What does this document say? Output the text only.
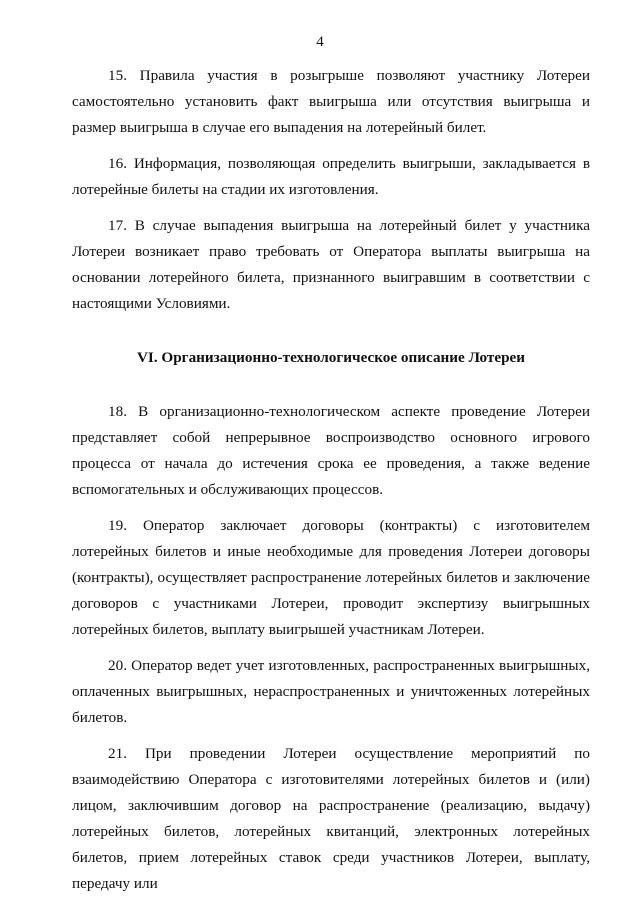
4

15. Правила участия в розыгрыше позволяют участнику Лотереи самостоятельно установить факт выигрыша или отсутствия выигрыша и размер выигрыша в случае его выпадения на лотерейный билет.

16. Информация, позволяющая определить выигрыши, закладывается в лотерейные билеты на стадии их изготовления.

17. В случае выпадения выигрыша на лотерейный билет у участника Лотереи возникает право требовать от Оператора выплаты выигрыша на основании лотерейного билета, признанного выигравшим в соответствии с настоящими Условиями.

VI. Организационно-технологическое описание Лотереи

18. В организационно-технологическом аспекте проведение Лотереи представляет собой непрерывное воспроизводство основного игрового процесса от начала до истечения срока ее проведения, а также ведение вспомогательных и обслуживающих процессов.

19. Оператор заключает договоры (контракты) с изготовителем лотерейных билетов и иные необходимые для проведения Лотереи договоры (контракты), осуществляет распространение лотерейных билетов и заключение договоров с участниками Лотереи, проводит экспертизу выигрышных лотерейных билетов, выплату выигрышей участникам Лотереи.

20. Оператор ведет учет изготовленных, распространенных выигрышных, оплаченных выигрышных, нераспространенных и уничтоженных лотерейных билетов.

21. При проведении Лотереи осуществление мероприятий по взаимодействию Оператора с изготовителями лотерейных билетов и (или) лицом, заключившим договор на распространение (реализацию, выдачу) лотерейных билетов, лотерейных квитанций, электронных лотерейных билетов, прием лотерейных ставок среди участников Лотереи, выплату, передачу или
